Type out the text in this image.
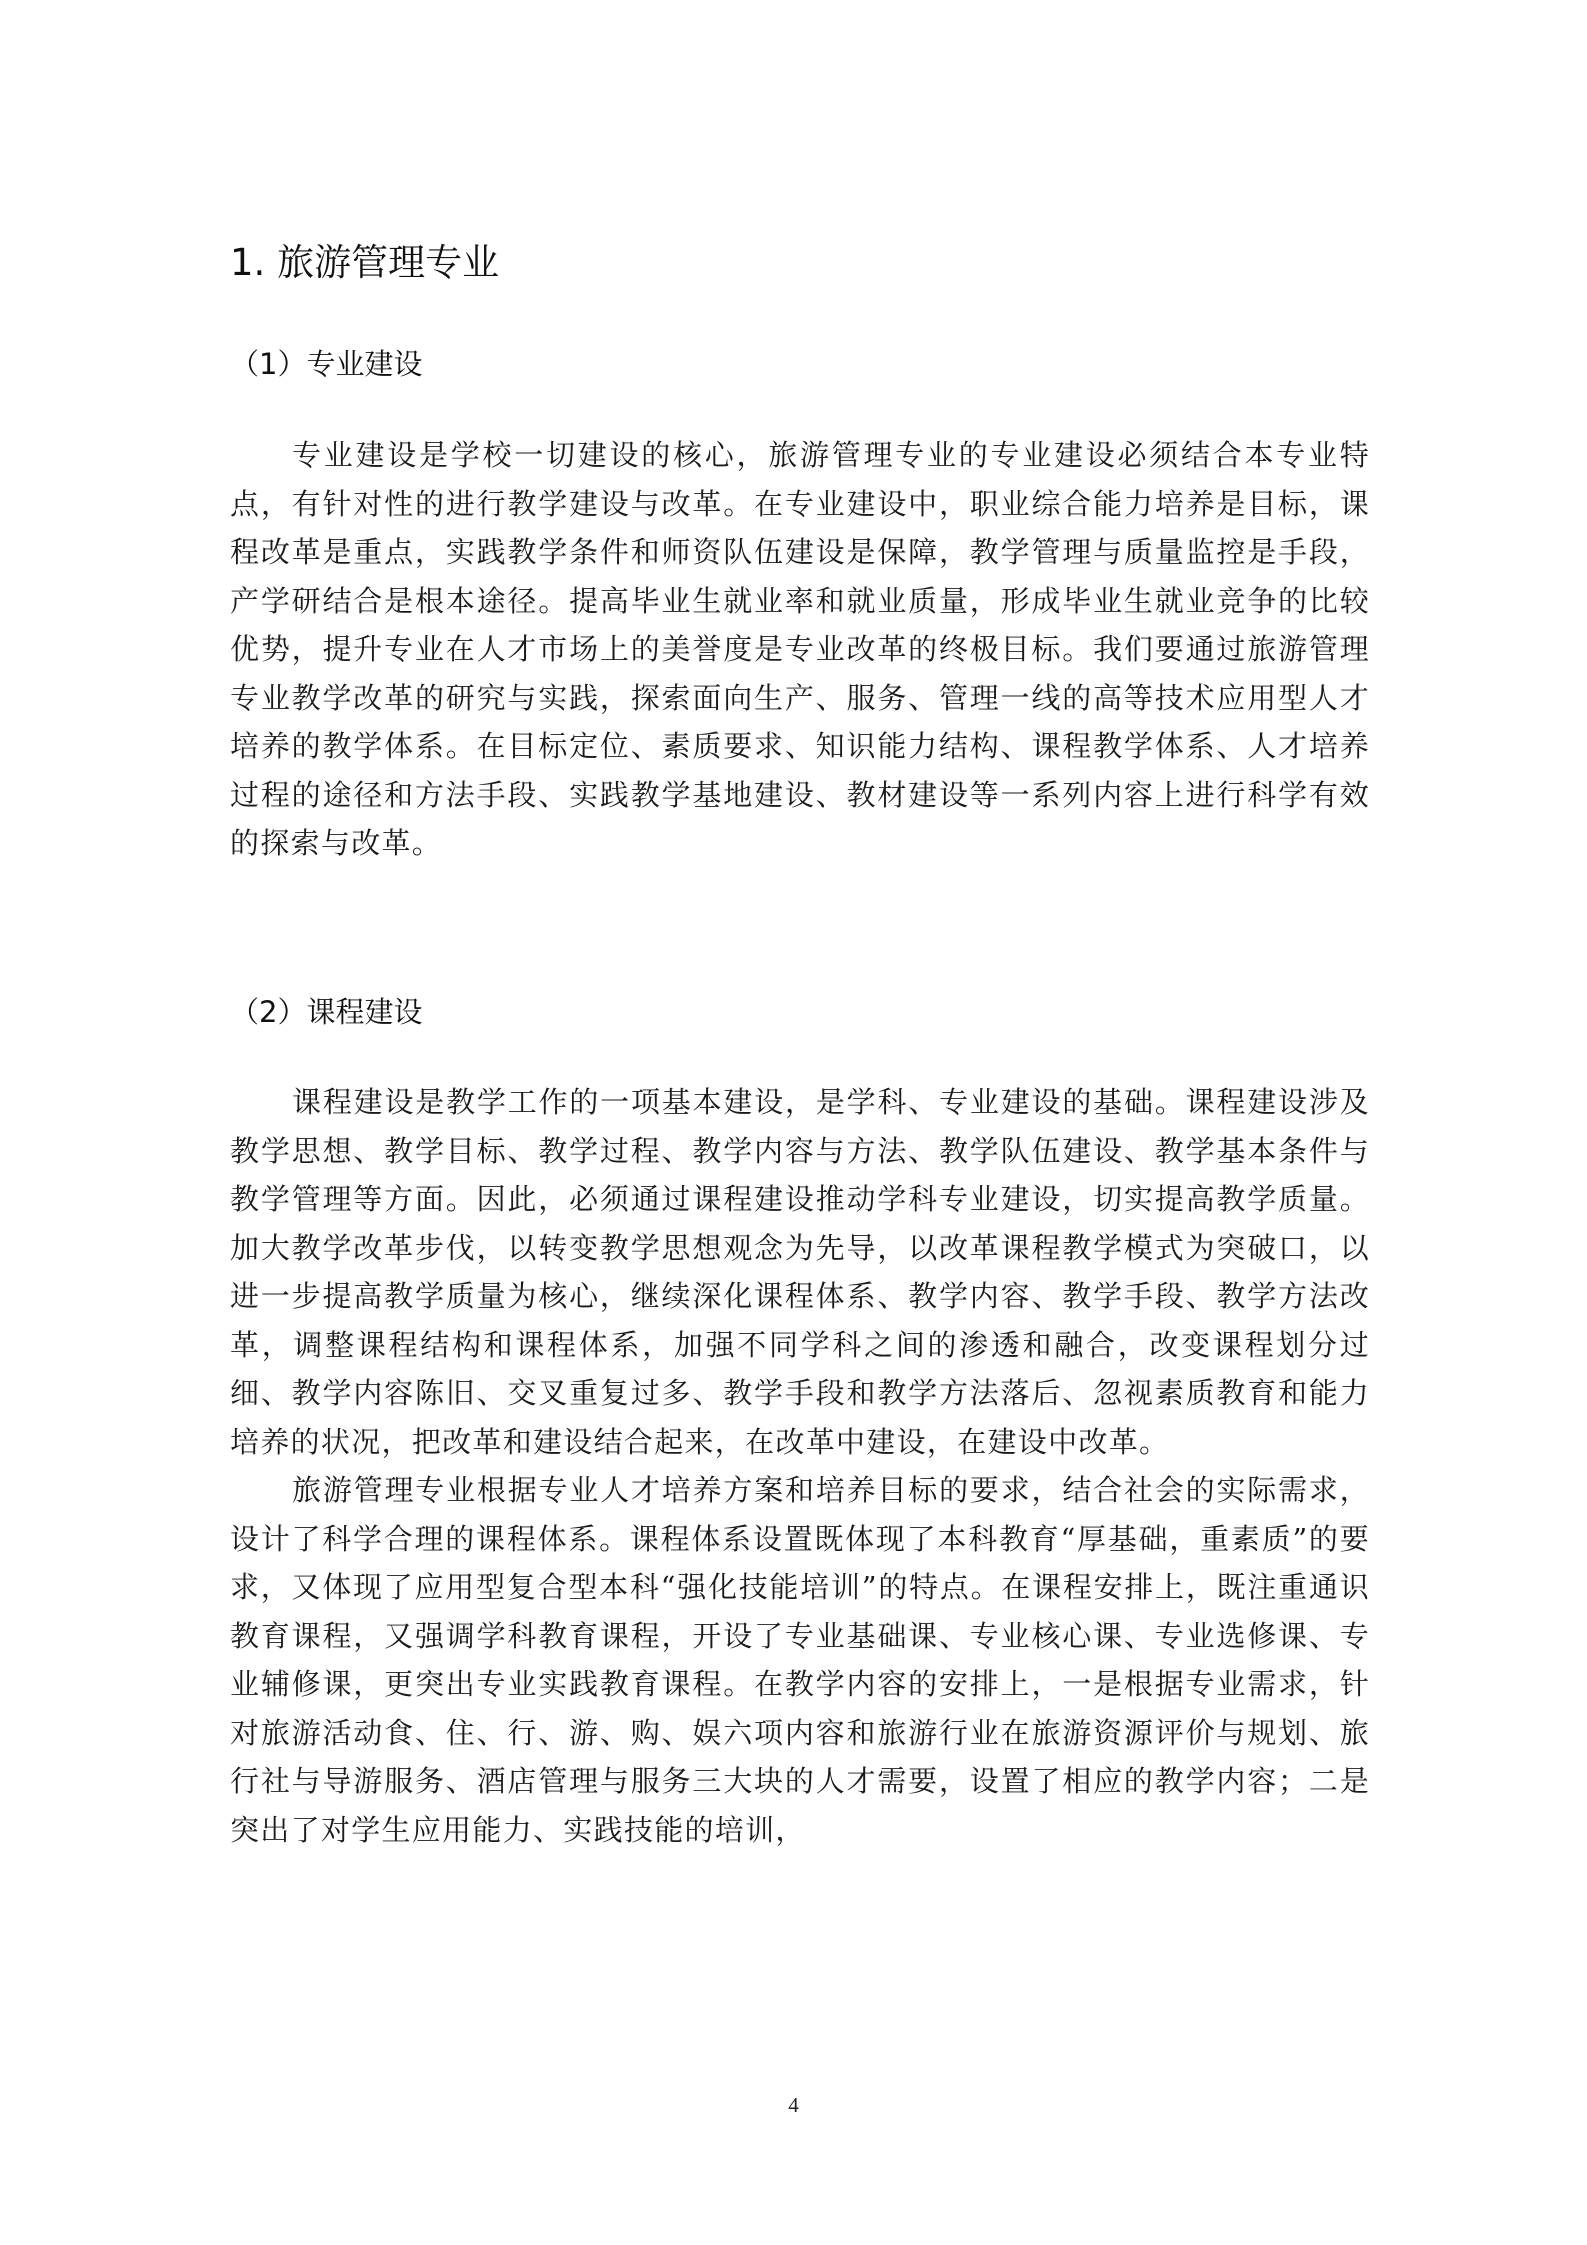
1. 旅游管理专业
（1）专业建设

专业建设是学校一切建设的核心，旅游管理专业的专业建设必须结合本专业特点，有针对性的进行教学建设与改革。在专业建设中，职业综合能力培养是目标，课程改革是重点，实践教学条件和师资队伍建设是保障，教学管理与质量监控是手段，产学研结合是根本途径。提高毕业生就业率和就业质量，形成毕业生就业竞争的比较优势，提升专业在人才市场上的美誉度是专业改革的终极目标。我们要通过旅游管理专业教学改革的研究与实践，探索面向生产、服务、管理一线的高等技术应用型人才培养的教学体系。在目标定位、素质要求、知识能力结构、课程教学体系、人才培养过程的途径和方法手段、实践教学基地建设、教材建设等一系列内容上进行科学有效的探索与改革。

（2）课程建设

课程建设是教学工作的一项基本建设，是学科、专业建设的基础。课程建设涉及教学思想、教学目标、教学过程、教学内容与方法、教学队伍建设、教学基本条件与教学管理等方面。因此，必须通过课程建设推动学科专业建设，切实提高教学质量。加大教学改革步伐，以转变教学思想观念为先导，以改革课程教学模式为突破口，以进一步提高教学质量为核心，继续深化课程体系、教学内容、教学手段、教学方法改革，调整课程结构和课程体系，加强不同学科之间的渗透和融合，改变课程划分过细、教学内容陈旧、交叉重复过多、教学手段和教学方法落后、忽视素质教育和能力培养的状况，把改革和建设结合起来，在改革中建设，在建设中改革。

旅游管理专业根据专业人才培养方案和培养目标的要求，结合社会的实际需求，设计了科学合理的课程体系。课程体系设置既体现了本科教育“厚基础，重素质”的要求，又体现了应用型复合型本科“强化技能培训”的特点。在课程安排上，既注重通识教育课程，又强调学科教育课程，开设了专业基础课、专业核心课、专业选修课、专业辅修课，更突出专业实践教育课程。在教学内容的安排上，一是根据专业需求，针对旅游活动食、住、行、游、购、娱六项内容和旅游行业在旅游资源评价与规划、旅行社与导游服务、酒店管理与服务三大块的人才需要，设置了相应的教学内容；二是突出了对学生应用能力、实践技能的培训，

4
